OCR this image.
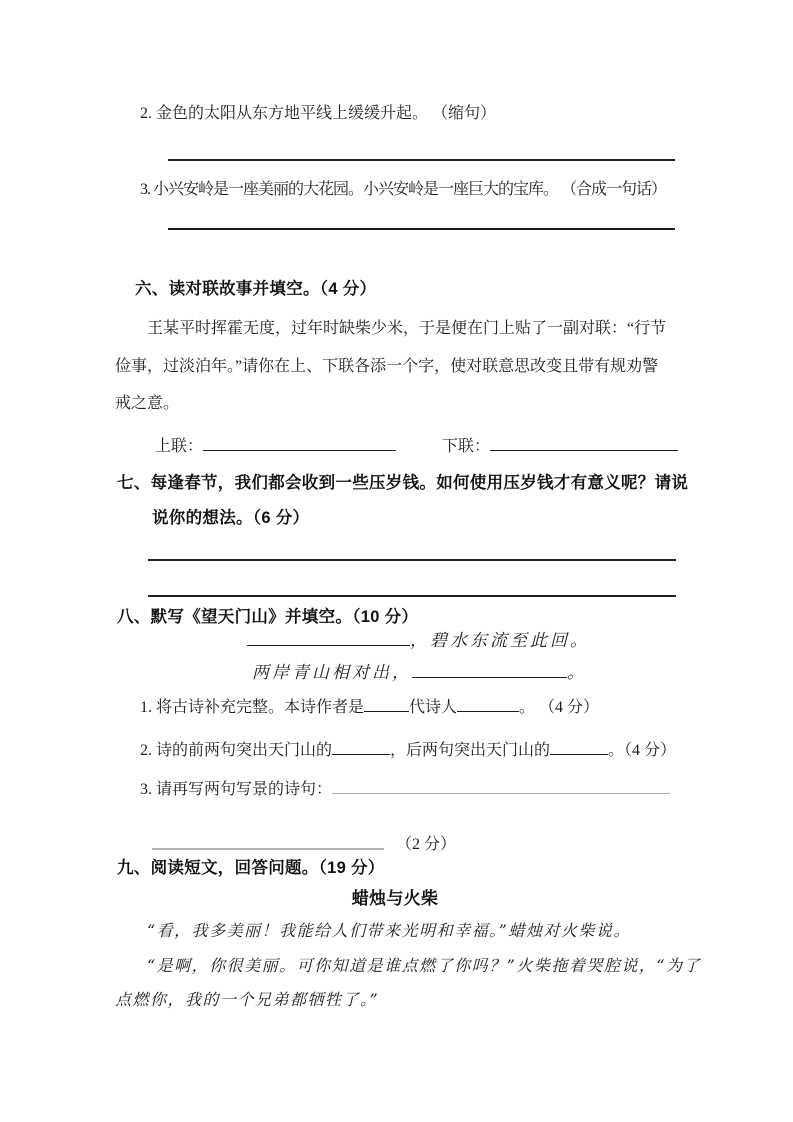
2. 金色的太阳从东方地平线上缓缓升起。 （缩句）
3. 小兴安岭是一座美丽的大花园。小兴安岭是一座巨大的宝库。 （合成一句话）
六、读对联故事并填空。（4 分）
王某平时挥霍无度，过年时缺柴少米，于是便在门上贴了一副对联：“行节
俭事，过淡泊年。”请你在上、下联各添一个字，使对联意思改变且带有规劝警
戒之意。
上联：	下联：
七、每逢春节，我们都会收到一些压岁钱。如何使用压岁钱才有意义呢？请说
说你的想法。（6 分）
八、默写《望天门山》并填空。（10 分）
，碧水东流至此回。
两岸青山相对出，	。
1. 将古诗补充完整。本诗作者是	代诗人	。 （4 分）
2. 诗的前两句突出天门山的	，后两句突出天门山的	。（4 分）
3. 请再写两句写景的诗句：
（2 分）
九、阅读短文，回答问题。（19 分）
蜡烛与火柴
“看，我多美丽！我能给人们带来光明和幸福。”蜡烛对火柴说。
“是啊，你很美丽。可你知道是谁点燃了你吗？”火柴拖着哭腔说，“为了
点燃你，我的一个兄弟都牺牲了。”
